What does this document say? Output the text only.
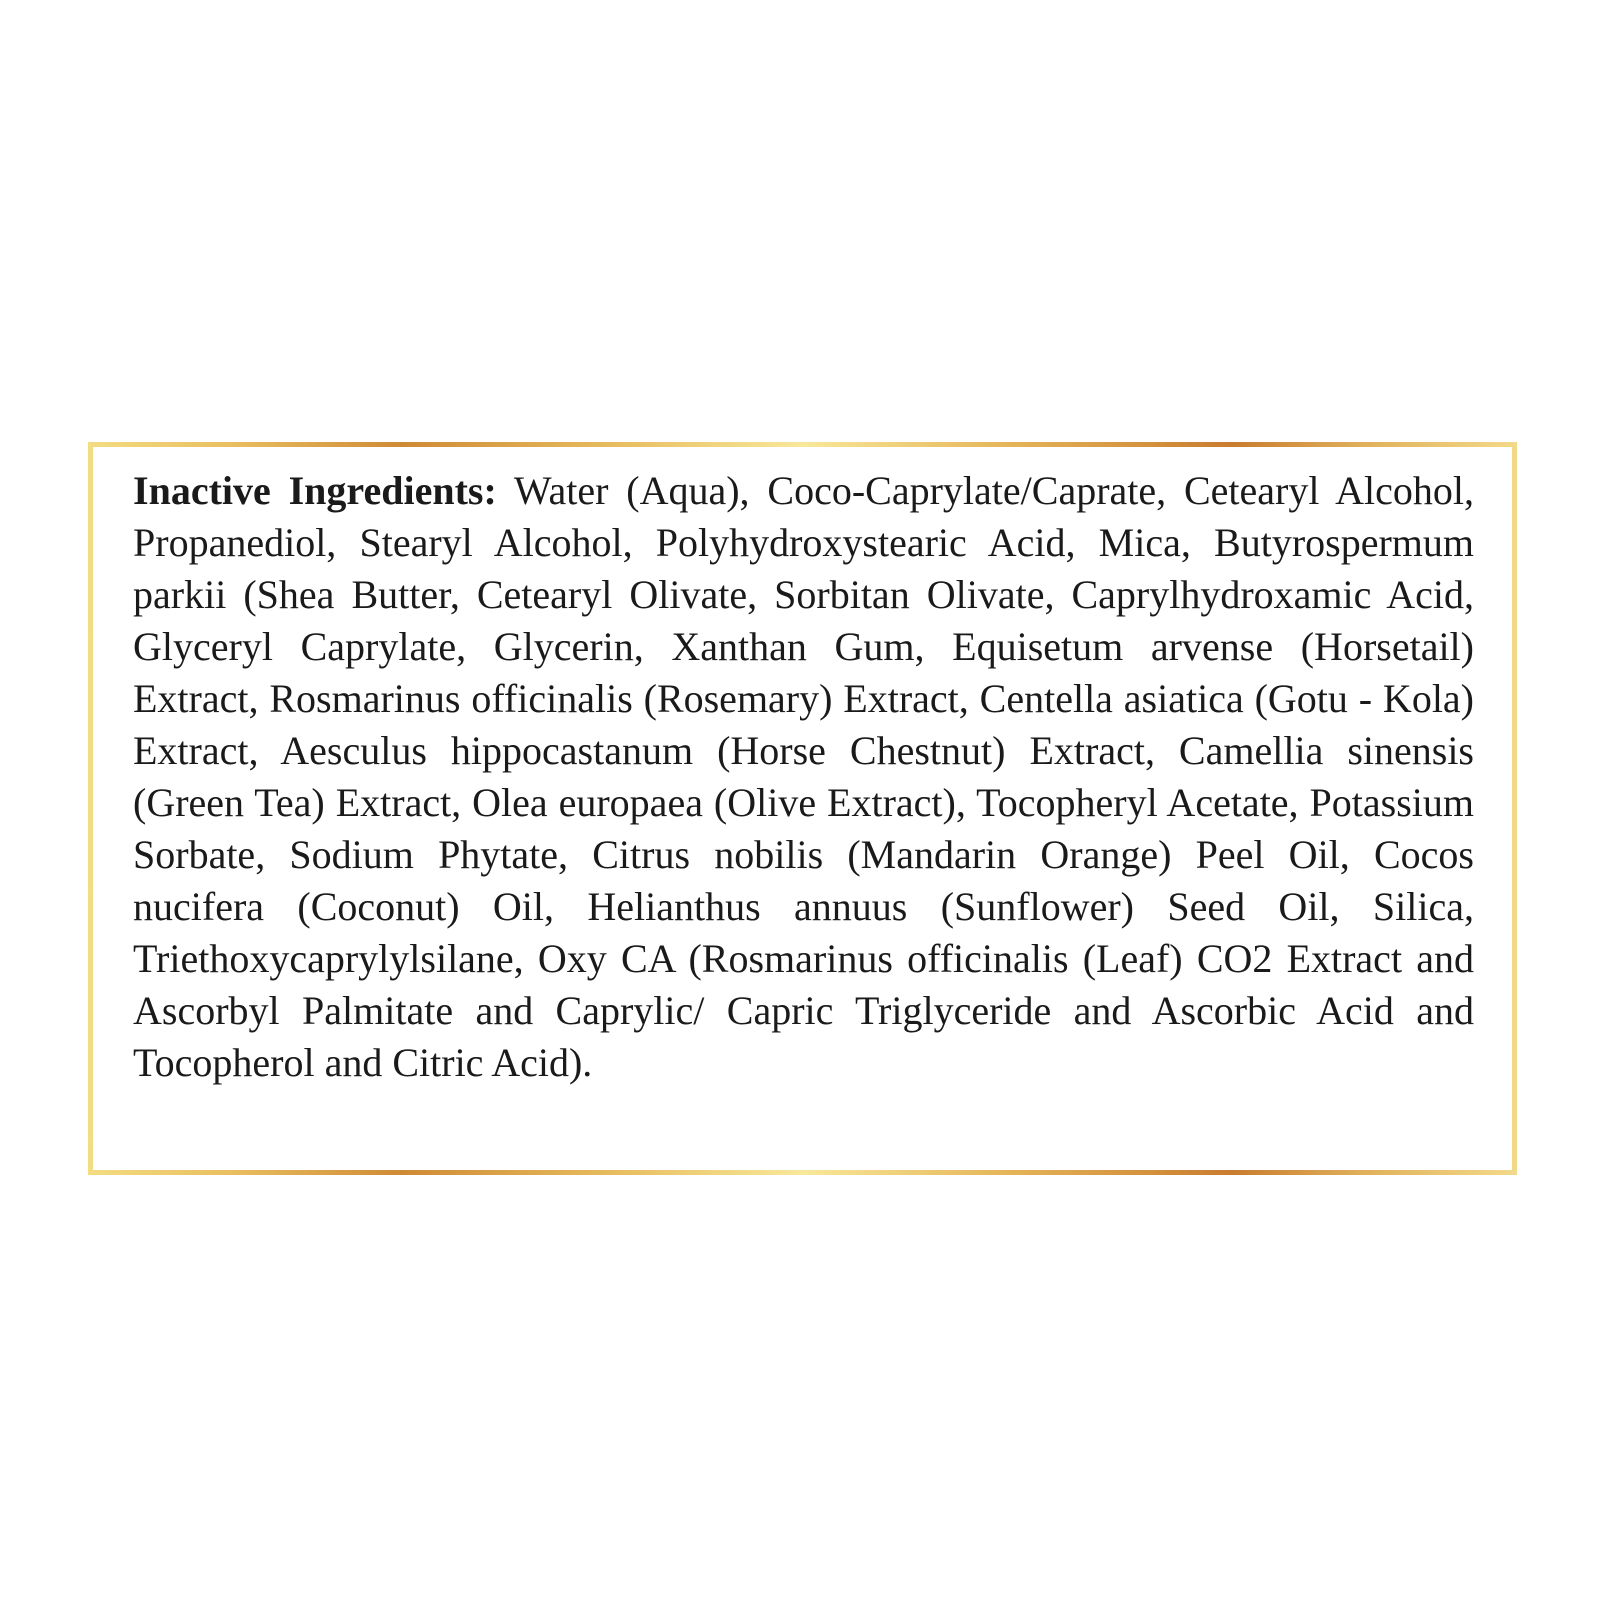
Inactive Ingredients: Water (Aqua), Coco-Caprylate/Caprate, Cetearyl Alcohol, Propanediol, Stearyl Alcohol, Polyhydroxystearic Acid, Mica, Butyrospermum parkii (Shea Butter, Cetearyl Olivate, Sorbitan Olivate, Caprylhydroxamic Acid, Glyceryl Caprylate, Glycerin, Xanthan Gum, Equisetum arvense (Horsetail) Extract, Rosmarinus officinalis (Rosemary) Extract, Centella asiatica (Gotu - Kola) Extract, Aesculus hippocastanum (Horse Chestnut) Extract, Camellia sinensis (Green Tea) Extract, Olea europaea (Olive Extract), Tocopheryl Acetate, Potassium Sorbate, Sodium Phytate, Citrus nobilis (Mandarin Orange) Peel Oil, Cocos nucifera (Coconut) Oil, Helianthus annuus (Sunflower) Seed Oil, Silica, Triethoxycaprylylsilane, Oxy CA (Rosmarinus officinalis (Leaf) CO2 Extract and Ascorbyl Palmitate and Caprylic/ Capric Triglyceride and Ascorbic Acid and Tocopherol and Citric Acid).
